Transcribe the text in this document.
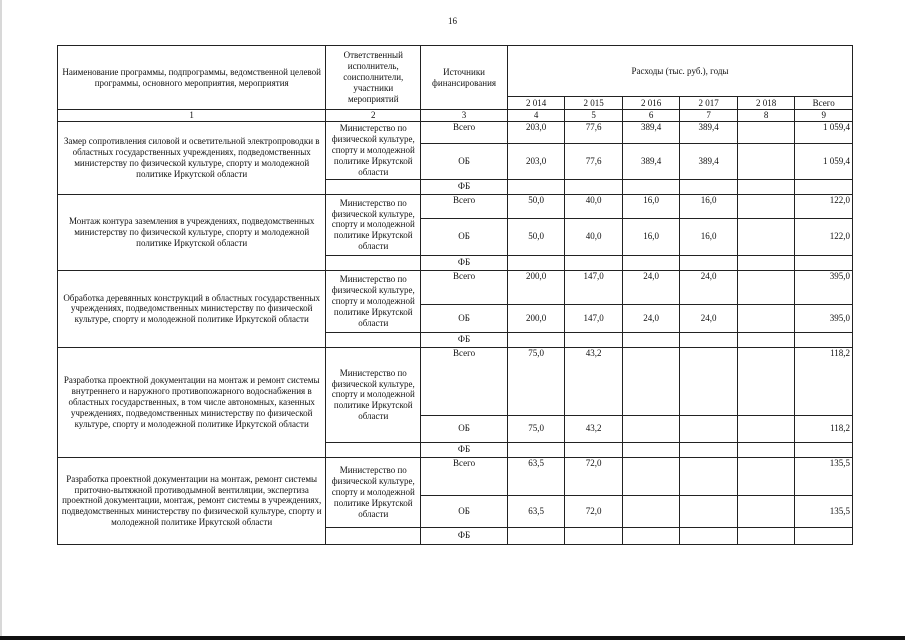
16
Наименование программы, подпрограммы, ведомственной целевой программы, основного мероприятия, мероприятия	Ответственный исполнитель, соисполнители, участники мероприятий	Источники финансирования	Расходы (тыс. руб.), годы					
			2 014	2 015	2 016	2 017	2 018	Всего
1	2	3	4	5	6	7	8	9
Замер сопротивления силовой и осветительной электропроводки в областных государственных учреждениях, подведомственных министерству по физической культуре, спорту и молодежной политике Иркутской области	Министерство по физической культуре, спорту и молодежной политике Иркутской области	Всего	203,0	77,6	389,4	389,4		1 059,4
		ОБ	203,0	77,6	389,4	389,4		1 059,4
		ФБ						
Монтаж контура заземления в учреждениях, подведомственных министерству по физической культуре, спорту и молодежной политике Иркутской области	Министерство по физической культуре, спорту и молодежной политике Иркутской области	Всего	50,0	40,0	16,0	16,0		122,0
		ОБ	50,0	40,0	16,0	16,0		122,0
		ФБ						
Обработка деревянных конструкций в областных государственных учреждениях, подведомственных министерству по физической культуре, спорту и молодежной политике Иркутской области	Министерство по физической культуре, спорту и молодежной политике Иркутской области	Всего	200,0	147,0	24,0	24,0		395,0
		ОБ	200,0	147,0	24,0	24,0		395,0
		ФБ						
Разработка проектной документации на монтаж и ремонт системы внутреннего и наружного противопожарного водоснабжения в областных государственных, в том числе автономных, казенных учреждениях, подведомственных министерству по физической культуре, спорту и молодежной политике Иркутской области	Министерство по физической культуре, спорту и молодежной политике Иркутской области	Всего	75,0	43,2				118,2
		ОБ	75,0	43,2				118,2
		ФБ						
Разработка проектной документации на монтаж, ремонт системы приточно-вытяжной противодымной вентиляции, экспертиза проектной документации, монтаж, ремонт системы в учреждениях, подведомственных министерству по физической культуре, спорту и молодежной политике Иркутской области	Министерство по физической культуре, спорту и молодежной политике Иркутской области	Всего	63,5	72,0				135,5
		ОБ	63,5	72,0				135,5
		ФБ						
